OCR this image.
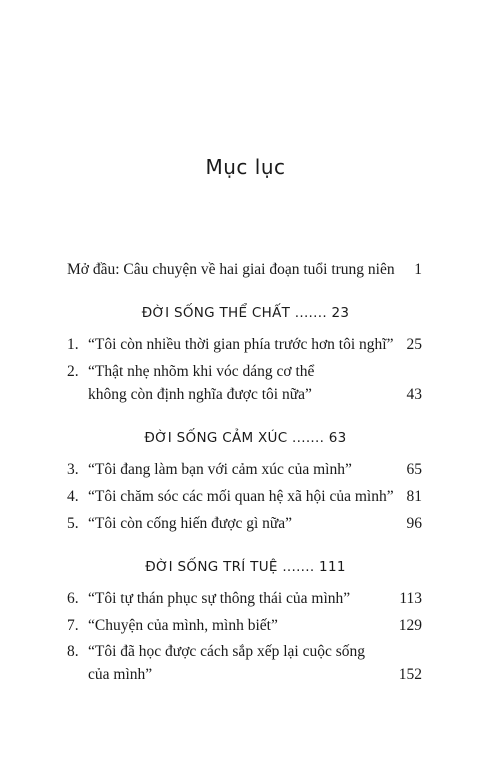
Mục lục
Mở đầu: Câu chuyện về hai giai đoạn tuổi trung niên 1
ĐỜI SỐNG THỂ CHẤT ....... 23
1. “Tôi còn nhiều thời gian phía trước hơn tôi nghĩ” 25
2. “Thật nhẹ nhõm khi vóc dáng cơ thể
không còn định nghĩa được tôi nữa”	43
ĐỜI SỐNG CẢM XÚC ....... 63
3. “Tôi đang làm bạn với cảm xúc của mình”	65
4. “Tôi chăm sóc các mối quan hệ xã hội của mình” 81
5. “Tôi còn cống hiến được gì nữa”	96
ĐỜI SỐNG TRÍ TUỆ ....... 111
6. “Tôi tự thán phục sự thông thái của mình”	113
7. “Chuyện của mình, mình biết”	129
8. “Tôi đã học được cách sắp xếp lại cuộc sống
của mình”	152
